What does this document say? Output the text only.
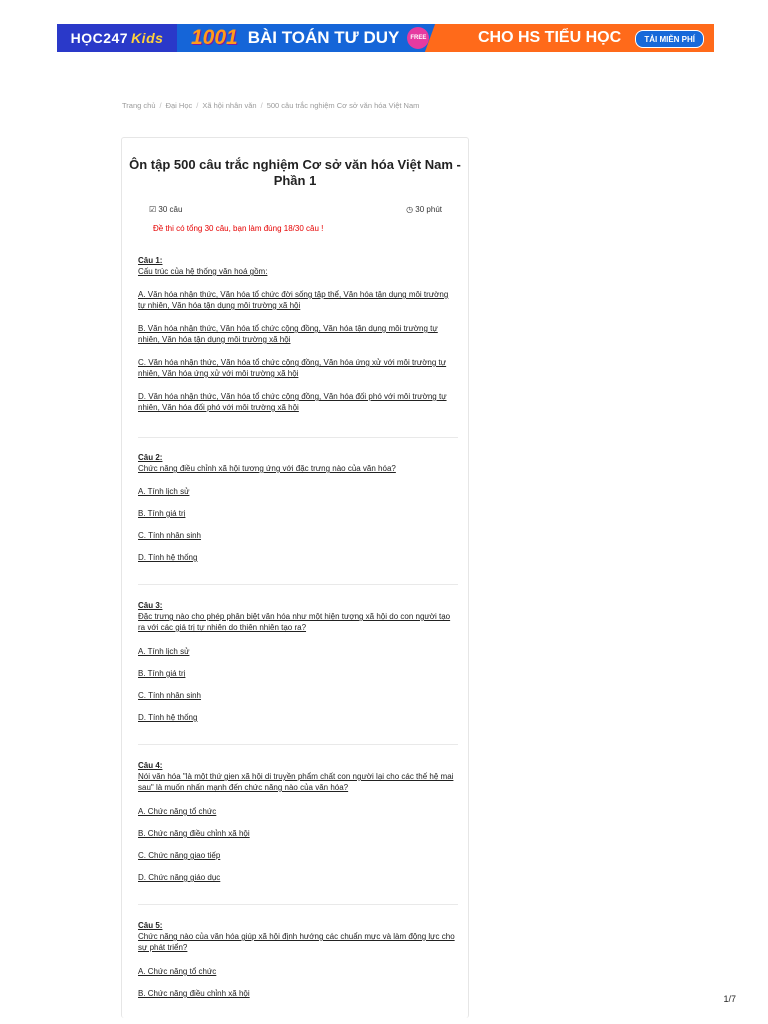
HỌC247 Kids 1001 BÀI TOÁN TƯ DUY	FREE	CHO HS TIỂU HỌC	TẢI MIỄN PHÍ
Trang chủ / Đại Học / Xã hội nhân văn / 500 câu trắc nghiệm Cơ sở văn hóa Việt Nam
Ôn tập 500 câu trắc nghiệm Cơ sở văn hóa Việt Nam -
Phần 1
☑ 30 câu	◷ 30 phút
Đề thi có tổng 30 câu, bạn làm đúng 18/30 câu !
Câu 1:
Cấu trúc của hệ thống văn hoá gồm:
A. Văn hóa nhận thức, Văn hóa tổ chức đời sống tập thể, Văn hóa tận dụng môi trường tự nhiên, Văn hóa tận dụng môi trường xã hội
B. Văn hóa nhận thức, Văn hóa tổ chức cộng đồng, Văn hóa tận dụng môi trường tự nhiên, Văn hóa tận dụng môi trường xã hội
C. Văn hóa nhận thức, Văn hóa tổ chức cộng đồng, Văn hóa ứng xử với môi trường tự nhiên, Văn hóa ứng xử với môi trường xã hội
D. Văn hóa nhận thức, Văn hóa tổ chức cộng đồng, Văn hóa đối phó với môi trường tự nhiên, Văn hóa đối phó với môi trường xã hội
Câu 2:
Chức năng điều chỉnh xã hội tương ứng với đặc trưng nào của văn hóa?
A. Tính lịch sử
B. Tính giá trị
C. Tính nhân sinh
D. Tính hệ thống
Câu 3:
Đặc trưng nào cho phép phân biệt văn hóa như một hiện tượng xã hội do con người tạo ra với các giá trị tự nhiên do thiên nhiên tạo ra?
A. Tính lịch sử
B. Tính giá trị
C. Tính nhân sinh
D. Tính hệ thống
Câu 4:
Nói văn hóa "là một thứ gien xã hội di truyền phẩm chất con người lại cho các thế hệ mai sau" là muốn nhấn mạnh đến chức năng nào của văn hóa?
A. Chức năng tổ chức
B. Chức năng điều chỉnh xã hội
C. Chức năng giao tiếp
D. Chức năng giáo dục
Câu 5:
Chức năng nào của văn hóa giúp xã hội định hướng các chuẩn mực và làm động lực cho sự phát triển?
A. Chức năng tổ chức
B. Chức năng điều chỉnh xã hội
1/7
